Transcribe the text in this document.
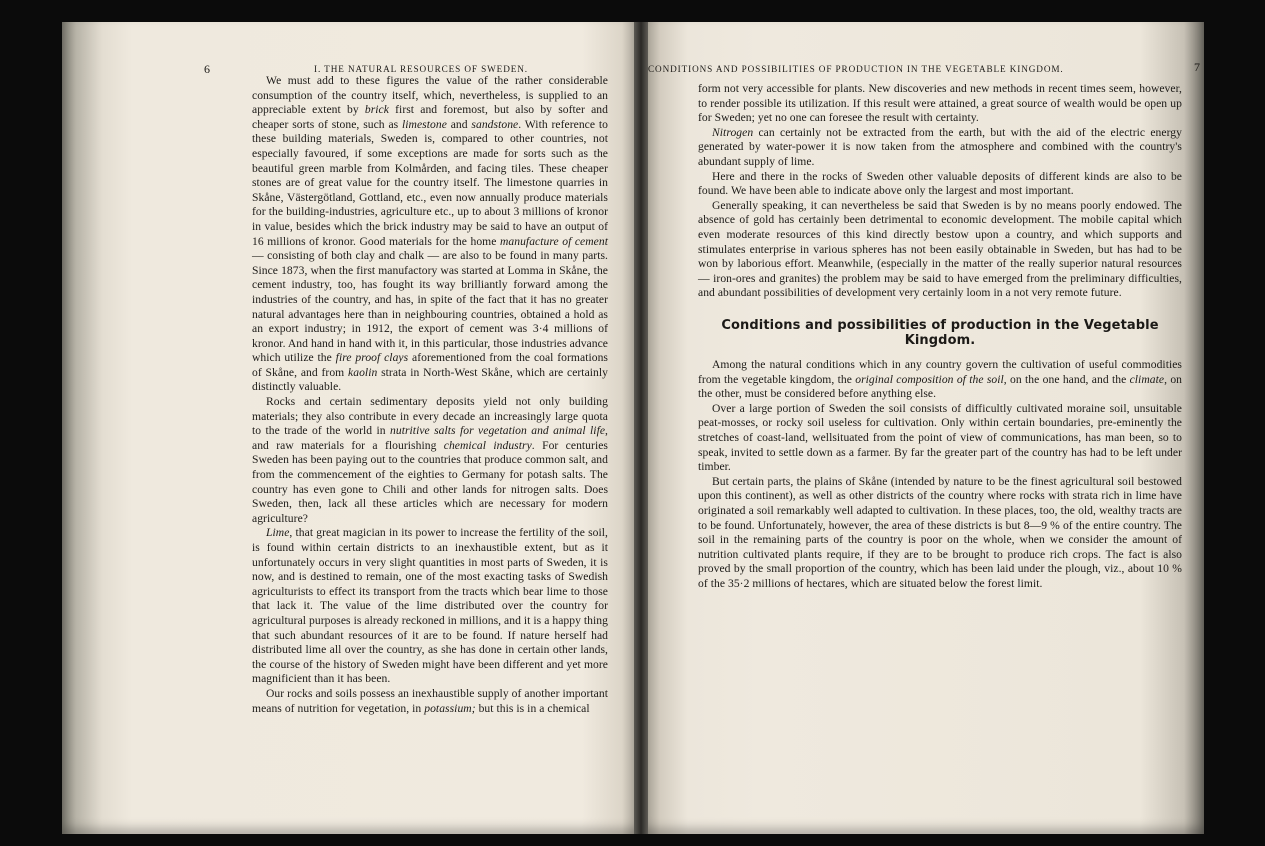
6	I. THE NATURAL RESOURCES OF SWEDEN.

We must add to these figures the value of the rather considerable consumption of the country itself, which, nevertheless, is supplied to an appreciable extent by brick first and foremost, but also by softer and cheaper sorts of stone, such as limestone and sandstone. With reference to these building materials, Sweden is, compared to other countries, not especially favoured, if some exceptions are made for sorts such as the beautiful green marble from Kolmården, and facing tiles. These cheaper stones are of great value for the country itself. The limestone quarries in Skåne, Västergötland, Gottland, etc., even now annually produce materials for the building-industries, agriculture etc., up to about 3 millions of kronor in value, besides which the brick industry may be said to have an output of 16 millions of kronor. Good materials for the home manufacture of cement — consisting of both clay and chalk — are also to be found in many parts. Since 1873, when the first manufactory was started at Lomma in Skåne, the cement industry, too, has fought its way brilliantly forward among the industries of the country, and has, in spite of the fact that it has no greater natural advantages here than in neighbouring countries, obtained a hold as an export industry; in 1912, the export of cement was 3·4 millions of kronor. And hand in hand with it, in this particular, those industries advance which utilize the fire proof clays aforementioned from the coal formations of Skåne, and from kaolin strata in North-West Skåne, which are certainly distinctly valuable.

Rocks and certain sedimentary deposits yield not only building materials; they also contribute in every decade an increasingly large quota to the trade of the world in nutritive salts for vegetation and animal life, and raw materials for a flourishing chemical industry. For centuries Sweden has been paying out to the countries that produce common salt, and from the commencement of the eighties to Germany for potash salts. The country has even gone to Chili and other lands for nitrogen salts. Does Sweden, then, lack all these articles which are necessary for modern agriculture?

Lime, that great magician in its power to increase the fertility of the soil, is found within certain districts to an inexhaustible extent, but as it unfortunately occurs in very slight quantities in most parts of Sweden, it is now, and is destined to remain, one of the most exacting tasks of Swedish agriculturists to effect its transport from the tracts which bear lime to those that lack it. The value of the lime distributed over the country for agricultural purposes is already reckoned in millions, and it is a happy thing that such abundant resources of it are to be found. If nature herself had distributed lime all over the country, as she has done in certain other lands, the course of the history of Sweden might have been different and yet more magnificient than it has been.

Our rocks and soils possess an inexhaustible supply of another important means of nutrition for vegetation, in potassium; but this is in a chemical

CONDITIONS AND POSSIBILITIES OF PRODUCTION IN THE VEGETABLE KINGDOM.	7

form not very accessible for plants. New discoveries and new methods in recent times seem, however, to render possible its utilization. If this result were attained, a great source of wealth would be open up for Sweden; yet no one can foresee the result with certainty.

Nitrogen can certainly not be extracted from the earth, but with the aid of the electric energy generated by water-power it is now taken from the atmosphere and combined with the country's abundant supply of lime.

Here and there in the rocks of Sweden other valuable deposits of different kinds are also to be found. We have been able to indicate above only the largest and most important.

Generally speaking, it can nevertheless be said that Sweden is by no means poorly endowed. The absence of gold has certainly been detrimental to economic development. The mobile capital which even moderate resources of this kind directly bestow upon a country, and which supports and stimulates enterprise in various spheres has not been easily obtainable in Sweden, but has had to be won by laborious effort. Meanwhile, (especially in the matter of the really superior natural resources — iron-ores and granites) the problem may be said to have emerged from the preliminary difficulties, and abundant possibilities of development very certainly loom in a not very remote future.

Conditions and possibilities of production in the Vegetable Kingdom.

Among the natural conditions which in any country govern the cultivation of useful commodities from the vegetable kingdom, the original composition of the soil, on the one hand, and the climate, on the other, must be considered before anything else.

Over a large portion of Sweden the soil consists of difficultly cultivated moraine soil, unsuitable peat-mosses, or rocky soil useless for cultivation. Only within certain boundaries, pre-eminently the stretches of coast-land, wellsituated from the point of view of communications, has man been, so to speak, invited to settle down as a farmer. By far the greater part of the country has had to be left under timber.

But certain parts, the plains of Skåne (intended by nature to be the finest agricultural soil bestowed upon this continent), as well as other districts of the country where rocks with strata rich in lime have originated a soil remarkably well adapted to cultivation. In these places, too, the old, wealthy tracts are to be found. Unfortunately, however, the area of these districts is but 8—9 % of the entire country. The soil in the remaining parts of the country is poor on the whole, when we consider the amount of nutrition cultivated plants require, if they are to be brought to produce rich crops. The fact is also proved by the small proportion of the country, which has been laid under the plough, viz., about 10 % of the 35·2 millions of hectares, which are situated below the forest limit.
